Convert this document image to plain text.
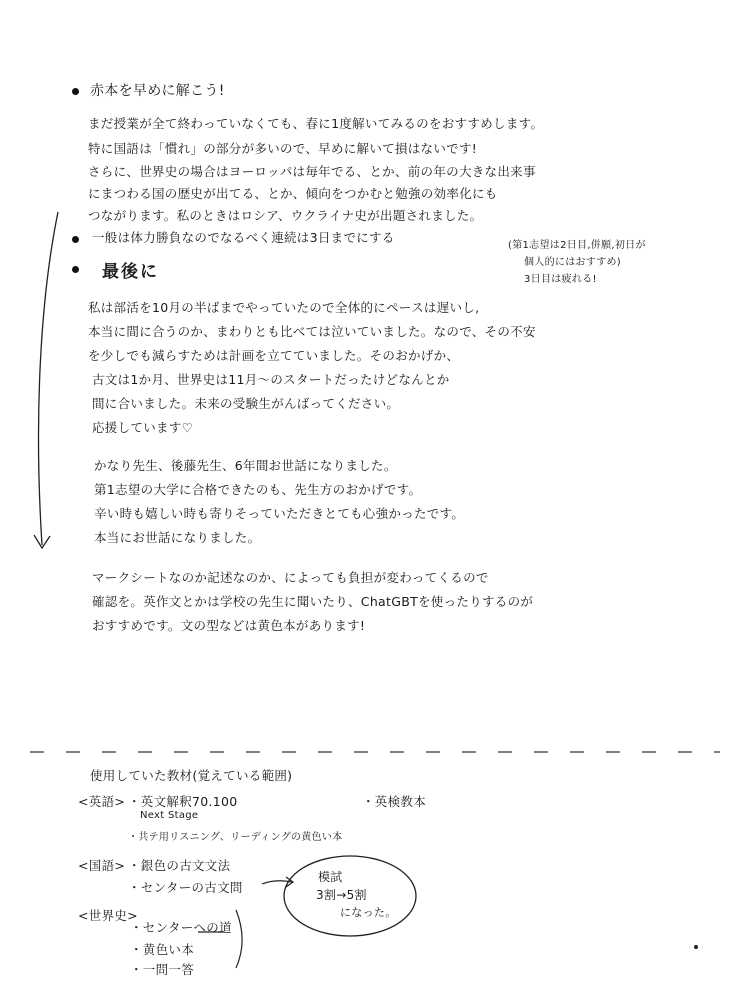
赤本を早めに解こう!
まだ授業が全て終わっていなくても、春に1度解いてみるのをおすすめします。
特に国語は「慣れ」の部分が多いので、早めに解いて損はないです!
さらに、世界史の場合はヨーロッパは毎年でる、とか、前の年の大きな出来事
にまつわる国の歴史が出てる、とか、傾向をつかむと勉強の効率化にも
つながります。私のときはロシア、ウクライナ史が出題されました。
一般は体力勝負なのでなるべく連続は3日までにする
(第1志望は2日目,併願,初日が
個人的にはおすすめ)
3日目は疲れる!
最後に
私は部活を10月の半ばまでやっていたので全体的にペースは遅いし,
本当に間に合うのか、まわりとも比べては泣いていました。なので、その不安
を少しでも減らすためは計画を立てていました。そのおかげか、
古文は1か月、世界史は11月〜のスタートだったけどなんとか
間に合いました。未来の受験生がんばってください。
応援しています♡
かなり先生、後藤先生、6年間お世話になりました。
第1志望の大学に合格できたのも、先生方のおかげです。
辛い時も嬉しい時も寄りそっていただきとても心強かったです。
本当にお世話になりました。
マークシートなのか記述なのか、によっても負担が変わってくるので
確認を。英作文とかは学校の先生に聞いたり、ChatGBTを使ったりするのが
おすすめです。文の型などは黄色本があります!
使用していた教材(覚えている範囲)
<英語> ・英文解釈70.100	・英検教本
Next Stage
・共テ用リスニング、リーディングの黄色い本
<国語> ・銀色の古文文法
・センターの古文問
<世界史>
・センターへの道
・黄色い本
・一問一答
模試
3割→5割
になった。
